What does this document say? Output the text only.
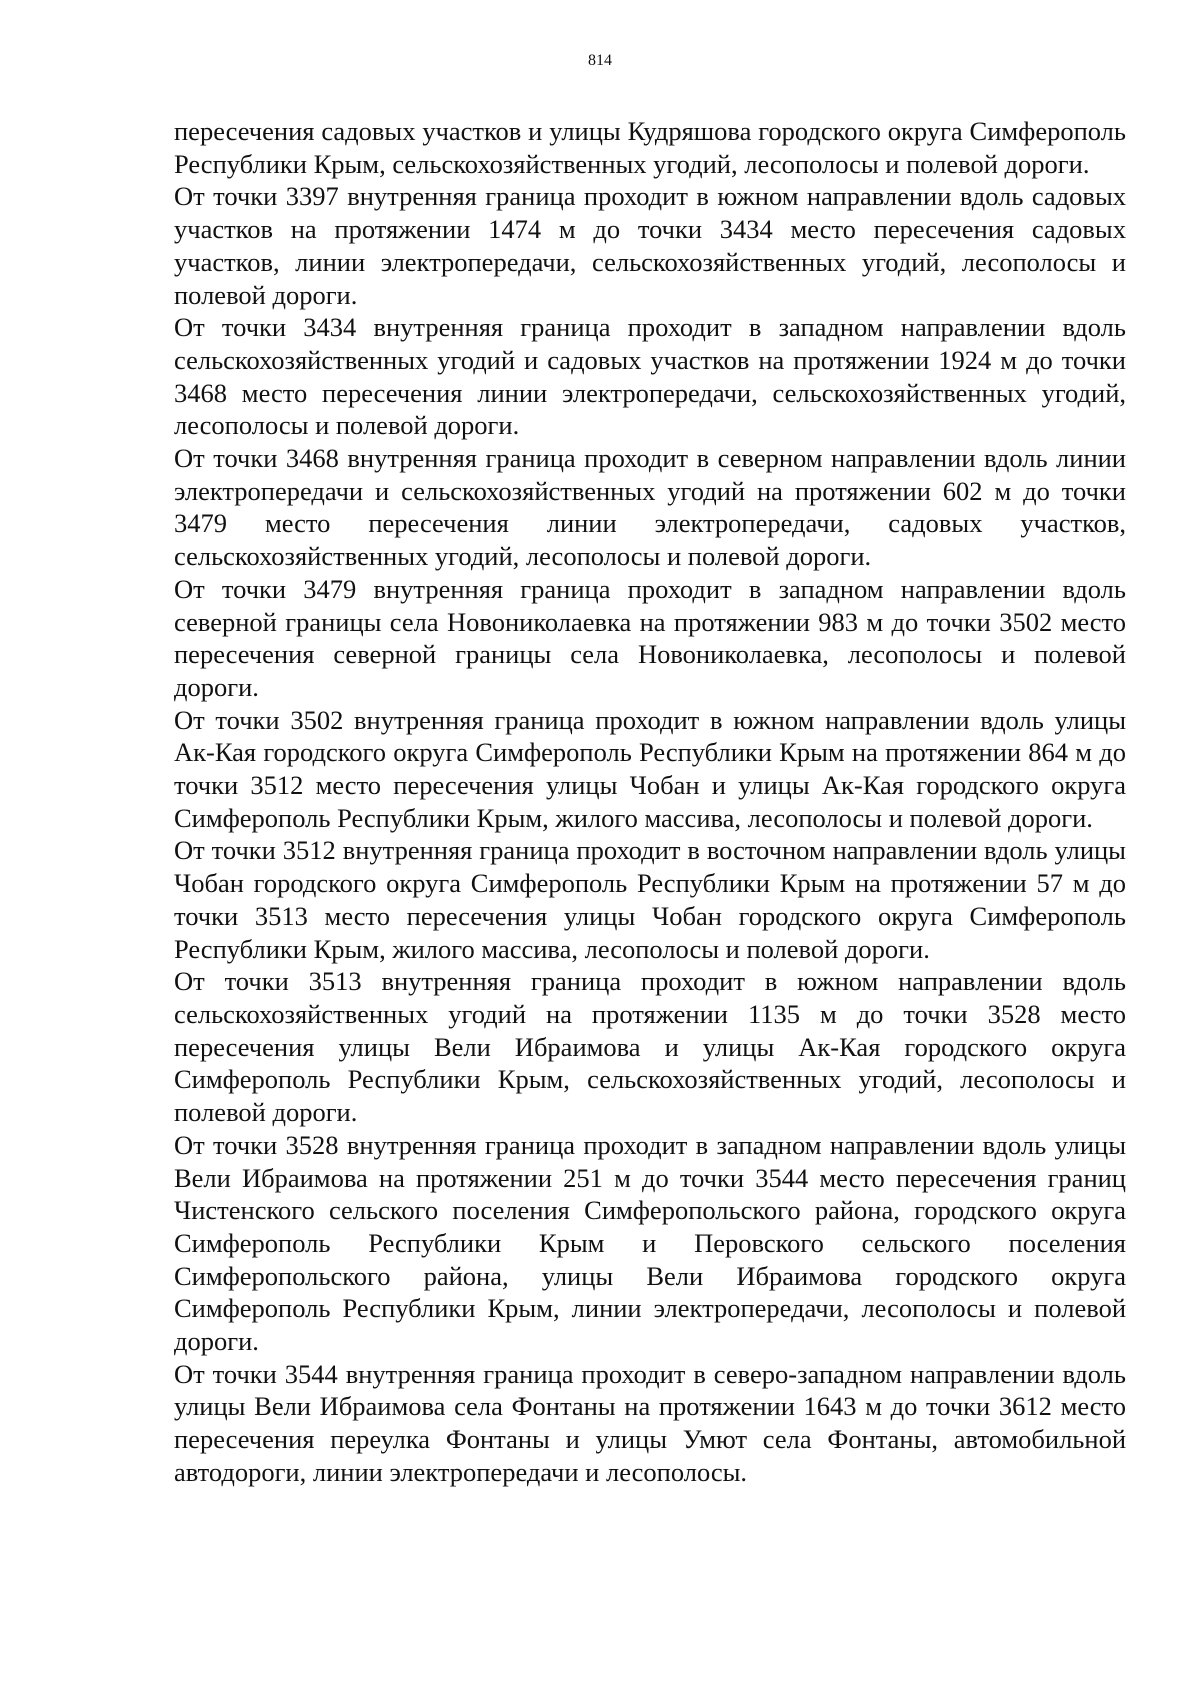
814

пересечения садовых участков и улицы Кудряшова городского округа Симферополь Республики Крым, сельскохозяйственных угодий, лесополосы и полевой дороги.

От точки 3397 внутренняя граница проходит в южном направлении вдоль садовых участков на протяжении 1474 м до точки 3434 место пересечения садовых участков, линии электропередачи, сельскохозяйственных угодий, лесополосы и полевой дороги.

От точки 3434 внутренняя граница проходит в западном направлении вдоль сельскохозяйственных угодий и садовых участков на протяжении 1924 м до точки 3468 место пересечения линии электропередачи, сельскохозяйственных угодий, лесополосы и полевой дороги.

От точки 3468 внутренняя граница проходит в северном направлении вдоль линии электропередачи и сельскохозяйственных угодий на протяжении 602 м до точки 3479 место пересечения линии электропередачи, садовых участков, сельскохозяйственных угодий, лесополосы и полевой дороги.

От точки 3479 внутренняя граница проходит в западном направлении вдоль северной границы села Новониколаевка на протяжении 983 м до точки 3502 место пересечения северной границы села Новониколаевка, лесополосы и полевой дороги.

От точки 3502 внутренняя граница проходит в южном направлении вдоль улицы Ак-Кая городского округа Симферополь Республики Крым на протяжении 864 м до точки 3512 место пересечения улицы Чобан и улицы Ак-Кая городского округа Симферополь Республики Крым, жилого массива, лесополосы и полевой дороги.

От точки 3512 внутренняя граница проходит в восточном направлении вдоль улицы Чобан городского округа Симферополь Республики Крым на протяжении 57 м до точки 3513 место пересечения улицы Чобан городского округа Симферополь Республики Крым, жилого массива, лесополосы и полевой дороги.

От точки 3513 внутренняя граница проходит в южном направлении вдоль сельскохозяйственных угодий на протяжении 1135 м до точки 3528 место пересечения улицы Вели Ибраимова и улицы Ак-Кая городского округа Симферополь Республики Крым, сельскохозяйственных угодий, лесополосы и полевой дороги.

От точки 3528 внутренняя граница проходит в западном направлении вдоль улицы Вели Ибраимова на протяжении 251 м до точки 3544 место пересечения границ Чистенского сельского поселения Симферопольского района, городского округа Симферополь Республики Крым и Перовского сельского поселения Симферопольского района, улицы Вели Ибраимова городского округа Симферополь Республики Крым, линии электропередачи, лесополосы и полевой дороги.

От точки 3544 внутренняя граница проходит в северо-западном направлении вдоль улицы Вели Ибраимова села Фонтаны на протяжении 1643 м до точки 3612 место пересечения переулка Фонтаны и улицы Умют села Фонтаны, автомобильной автодороги, линии электропередачи и лесополосы.
